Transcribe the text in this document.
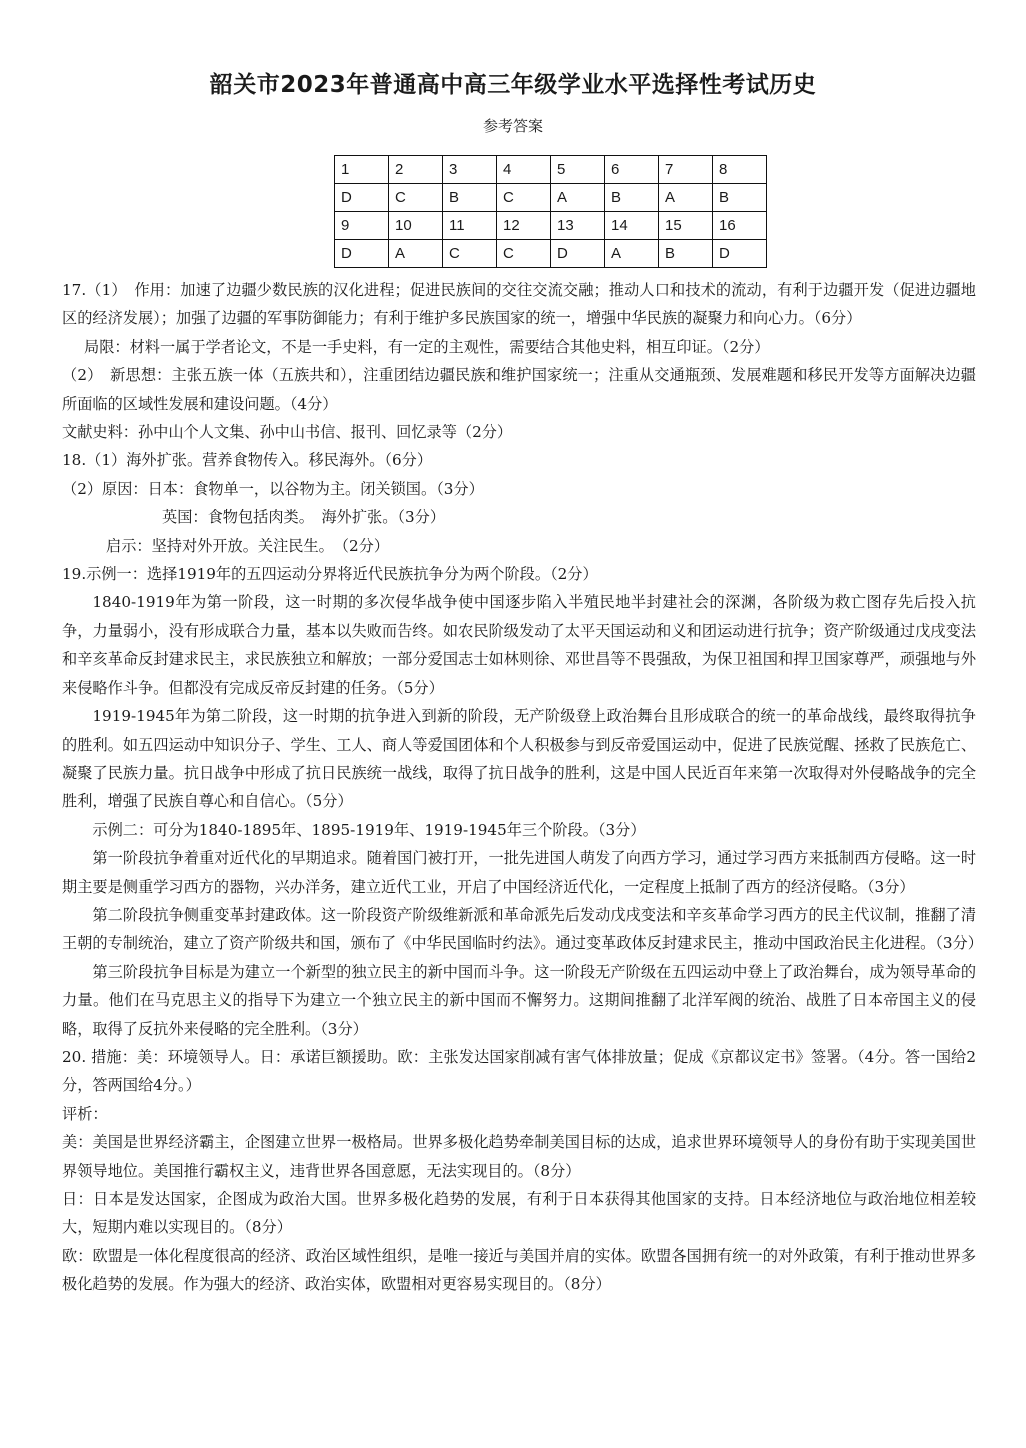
韶关市2023年普通高中高三年级学业水平选择性考试历史
参考答案
1	2	3	4	5	6	7	8
D	C	B	C	A	B	A	B
9	10	11	12	13	14	15	16
D	A	C	C	D	A	B	D

17.（1）　作用：加速了边疆少数民族的汉化进程；促进民族间的交往交流交融；推动人口和技术的流动，有利于边疆开发（促进边疆地区的经济发展）；加强了边疆的军事防御能力；有利于维护多民族国家的统一，增强中华民族的凝聚力和向心力。（6分）

局限：材料一属于学者论文，不是一手史料，有一定的主观性，需要结合其他史料，相互印证。（2分）

（2）　新思想：主张五族一体（五族共和），注重团结边疆民族和维护国家统一；注重从交通瓶颈、发展难题和移民开发等方面解决边疆所面临的区域性发展和建设问题。（4分）

文献史料：孙中山个人文集、孙中山书信、报刊、回忆录等（2分）

18.（1）海外扩张。营养食物传入。移民海外。（6分）

（2）原因：日本：食物单一，以谷物为主。闭关锁国。（3分）

英国：食物包括肉类。　海外扩张。（3分）

启示：坚持对外开放。关注民生。　（2分）

19.示例一：选择1919年的五四运动分界将近代民族抗争分为两个阶段。（2分）

1840-1919年为第一阶段，这一时期的多次侵华战争使中国逐步陷入半殖民地半封建社会的深渊，各阶级为救亡图存先后投入抗争，力量弱小，没有形成联合力量，基本以失败而告终。如农民阶级发动了太平天国运动和义和团运动进行抗争；资产阶级通过戊戌变法和辛亥革命反封建求民主，求民族独立和解放；一部分爱国志士如林则徐、邓世昌等不畏强敌，为保卫祖国和捍卫国家尊严，顽强地与外来侵略作斗争。但都没有完成反帝反封建的任务。（5分）

1919-1945年为第二阶段，这一时期的抗争进入到新的阶段，无产阶级登上政治舞台且形成联合的统一的革命战线，最终取得抗争的胜利。如五四运动中知识分子、学生、工人、商人等爱国团体和个人积极参与到反帝爱国运动中，促进了民族觉醒、拯救了民族危亡、凝聚了民族力量。抗日战争中形成了抗日民族统一战线，取得了抗日战争的胜利，这是中国人民近百年来第一次取得对外侵略战争的完全胜利，增强了民族自尊心和自信心。（5分）

示例二：可分为1840-1895年、1895-1919年、1919-1945年三个阶段。（3分）

第一阶段抗争着重对近代化的早期追求。随着国门被打开，一批先进国人萌发了向西方学习，通过学习西方来抵制西方侵略。这一时期主要是侧重学习西方的器物，兴办洋务，建立近代工业，开启了中国经济近代化，一定程度上抵制了西方的经济侵略。（3分）

第二阶段抗争侧重变革封建政体。这一阶段资产阶级维新派和革命派先后发动戊戌变法和辛亥革命学习西方的民主代议制，推翻了清王朝的专制统治，建立了资产阶级共和国，颁布了《中华民国临时约法》。通过变革政体反封建求民主，推动中国政治民主化进程。（3分）

第三阶段抗争目标是为建立一个新型的独立民主的新中国而斗争。这一阶段无产阶级在五四运动中登上了政治舞台，成为领导革命的力量。他们在马克思主义的指导下为建立一个独立民主的新中国而不懈努力。这期间推翻了北洋军阀的统治、战胜了日本帝国主义的侵略，取得了反抗外来侵略的完全胜利。（3分）

20. 措施：美：环境领导人。日：承诺巨额援助。欧：主张发达国家削减有害气体排放量；促成《京都议定书》签署。（4分。答一国给2分，答两国给4分。）

评析：

美：美国是世界经济霸主，企图建立世界一极格局。世界多极化趋势牵制美国目标的达成，追求世界环境领导人的身份有助于实现美国世界领导地位。美国推行霸权主义，违背世界各国意愿，无法实现目的。（8分）

日：日本是发达国家，企图成为政治大国。世界多极化趋势的发展，有利于日本获得其他国家的支持。日本经济地位与政治地位相差较大，短期内难以实现目的。（8分）

欧：欧盟是一体化程度很高的经济、政治区域性组织，是唯一接近与美国并肩的实体。欧盟各国拥有统一的对外政策，有利于推动世界多极化趋势的发展。作为强大的经济、政治实体，欧盟相对更容易实现目的。（8分）
